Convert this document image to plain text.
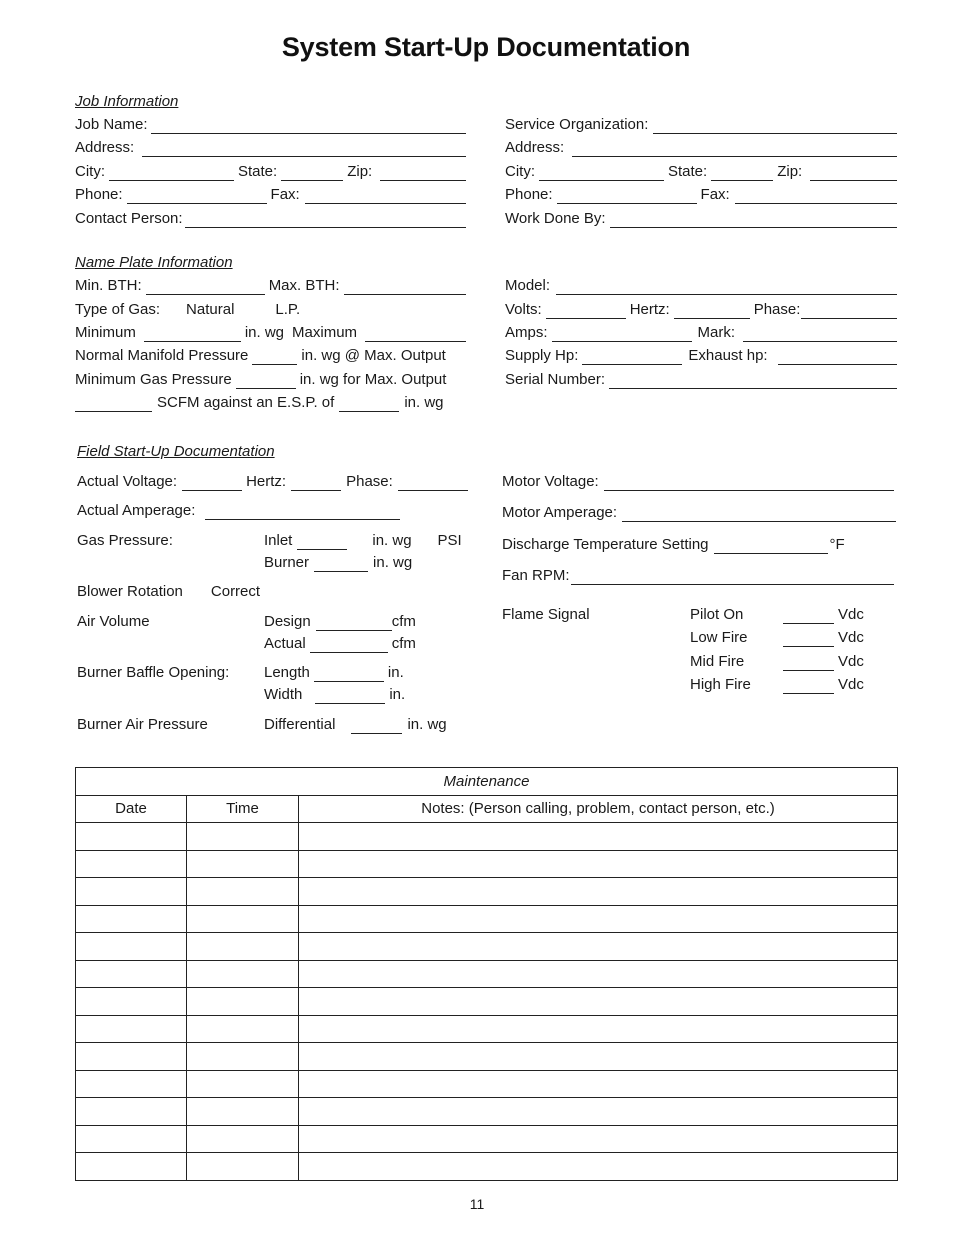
System Start-Up Documentation
Job Information
Job Name:
Address:
City:	State:	Zip:
Phone:	Fax:
Contact Person:
Service Organization:
Address:
City:	State:	Zip:
Phone:	Fax:
Work Done By:
Name Plate Information
Min. BTH:	Max. BTH:
Type of Gas: Natural	L.P.
Minimum	in. wg Maximum
Normal Manifold Pressure	in. wg @ Max. Output
Minimum Gas Pressure	in. wg for Max. Output
SCFM against an E.S.P. of	in. wg
Model:
Volts:	Hertz:	Phase:
Amps:	Mark:
Supply Hp:	Exhaust hp:
Serial Number:
Field Start-Up Documentation
Actual Voltage:	Hertz:	Phase:
Actual Amperage:
Gas Pressure:	Inlet	in. wg PSI
Burner	in. wg
Blower Rotation Correct
Air Volume	Design	cfm
Actual	cfm
Burner Baffle Opening: Length	in.
Width	in.
Burner Air Pressure	Differential	in. wg
Motor Voltage:
Motor Amperage:
Discharge Temperature Setting	°F
Fan RPM:
Flame Signal	Pilot On	Vdc
Low Fire	Vdc
Mid Fire	Vdc
High Fire	Vdc
Maintenance		
Date	Time	Notes: (Person calling, problem, contact person, etc.)

11
